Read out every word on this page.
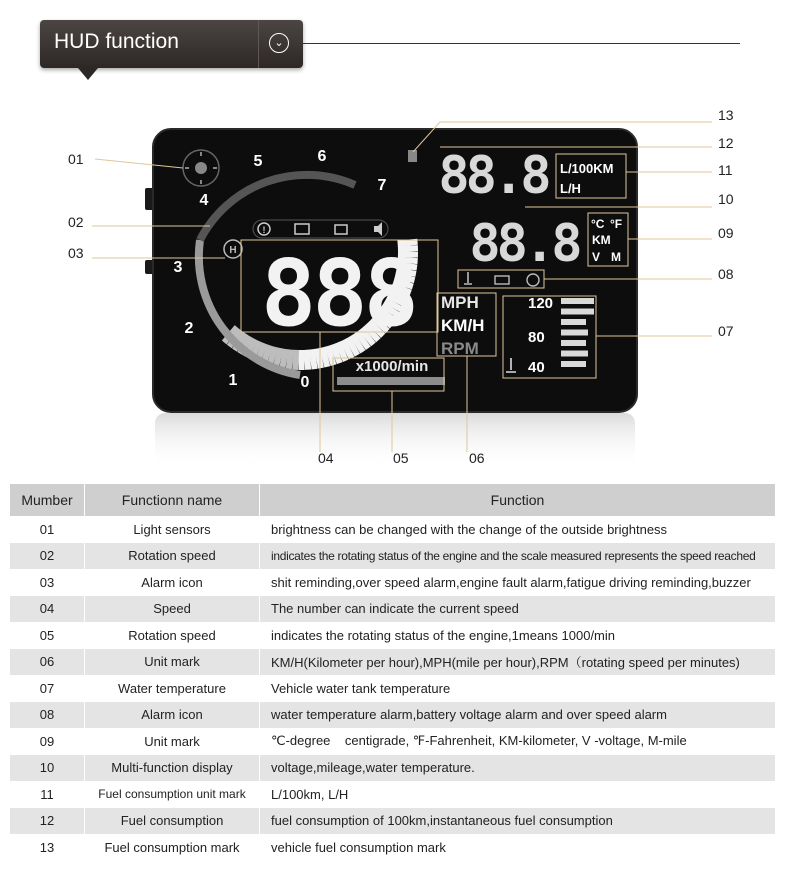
HUD function	⌄
0
1
2
3
4
5	6
7
H
!
888 MPH
KM/H
RPM
x1000/min
88.8 L/100KM
L/H
88.8 °C °F
KM
V M
120
80
40
01
02
03
04	05	06
07
08
09
10
11
12
13
Mumber	Functionn name	Function
01	Light sensors	brightness can be changed with the change of the outside brightness
02	Rotation speed	indicates the rotating status of the engine and the scale measured represents the speed reached
03	Alarm icon	shit reminding,over speed alarm,engine fault alarm,fatigue driving reminding,buzzer
04	Speed	The number can indicate the current speed
05	Rotation speed	indicates the rotating status of the engine,1means 1000/min
06	Unit mark	KM/H(Kilometer per hour),MPH(mile per hour),RPM（rotating speed per minutes)
07	Water temperature	Vehicle water tank temperature
08	Alarm icon	water temperature alarm,battery voltage alarm and over speed alarm
09	Unit mark	℃-degree    centigrade, ℉-Fahrenheit, KM-kilometer, V -voltage, M-mile
10	Multi-function display	voltage,mileage,water temperature.
11	Fuel consumption unit mark	L/100km, L/H
12	Fuel consumption	fuel consumption of 100km,instantaneous fuel consumption
13	Fuel consumption mark	vehicle fuel consumption mark
